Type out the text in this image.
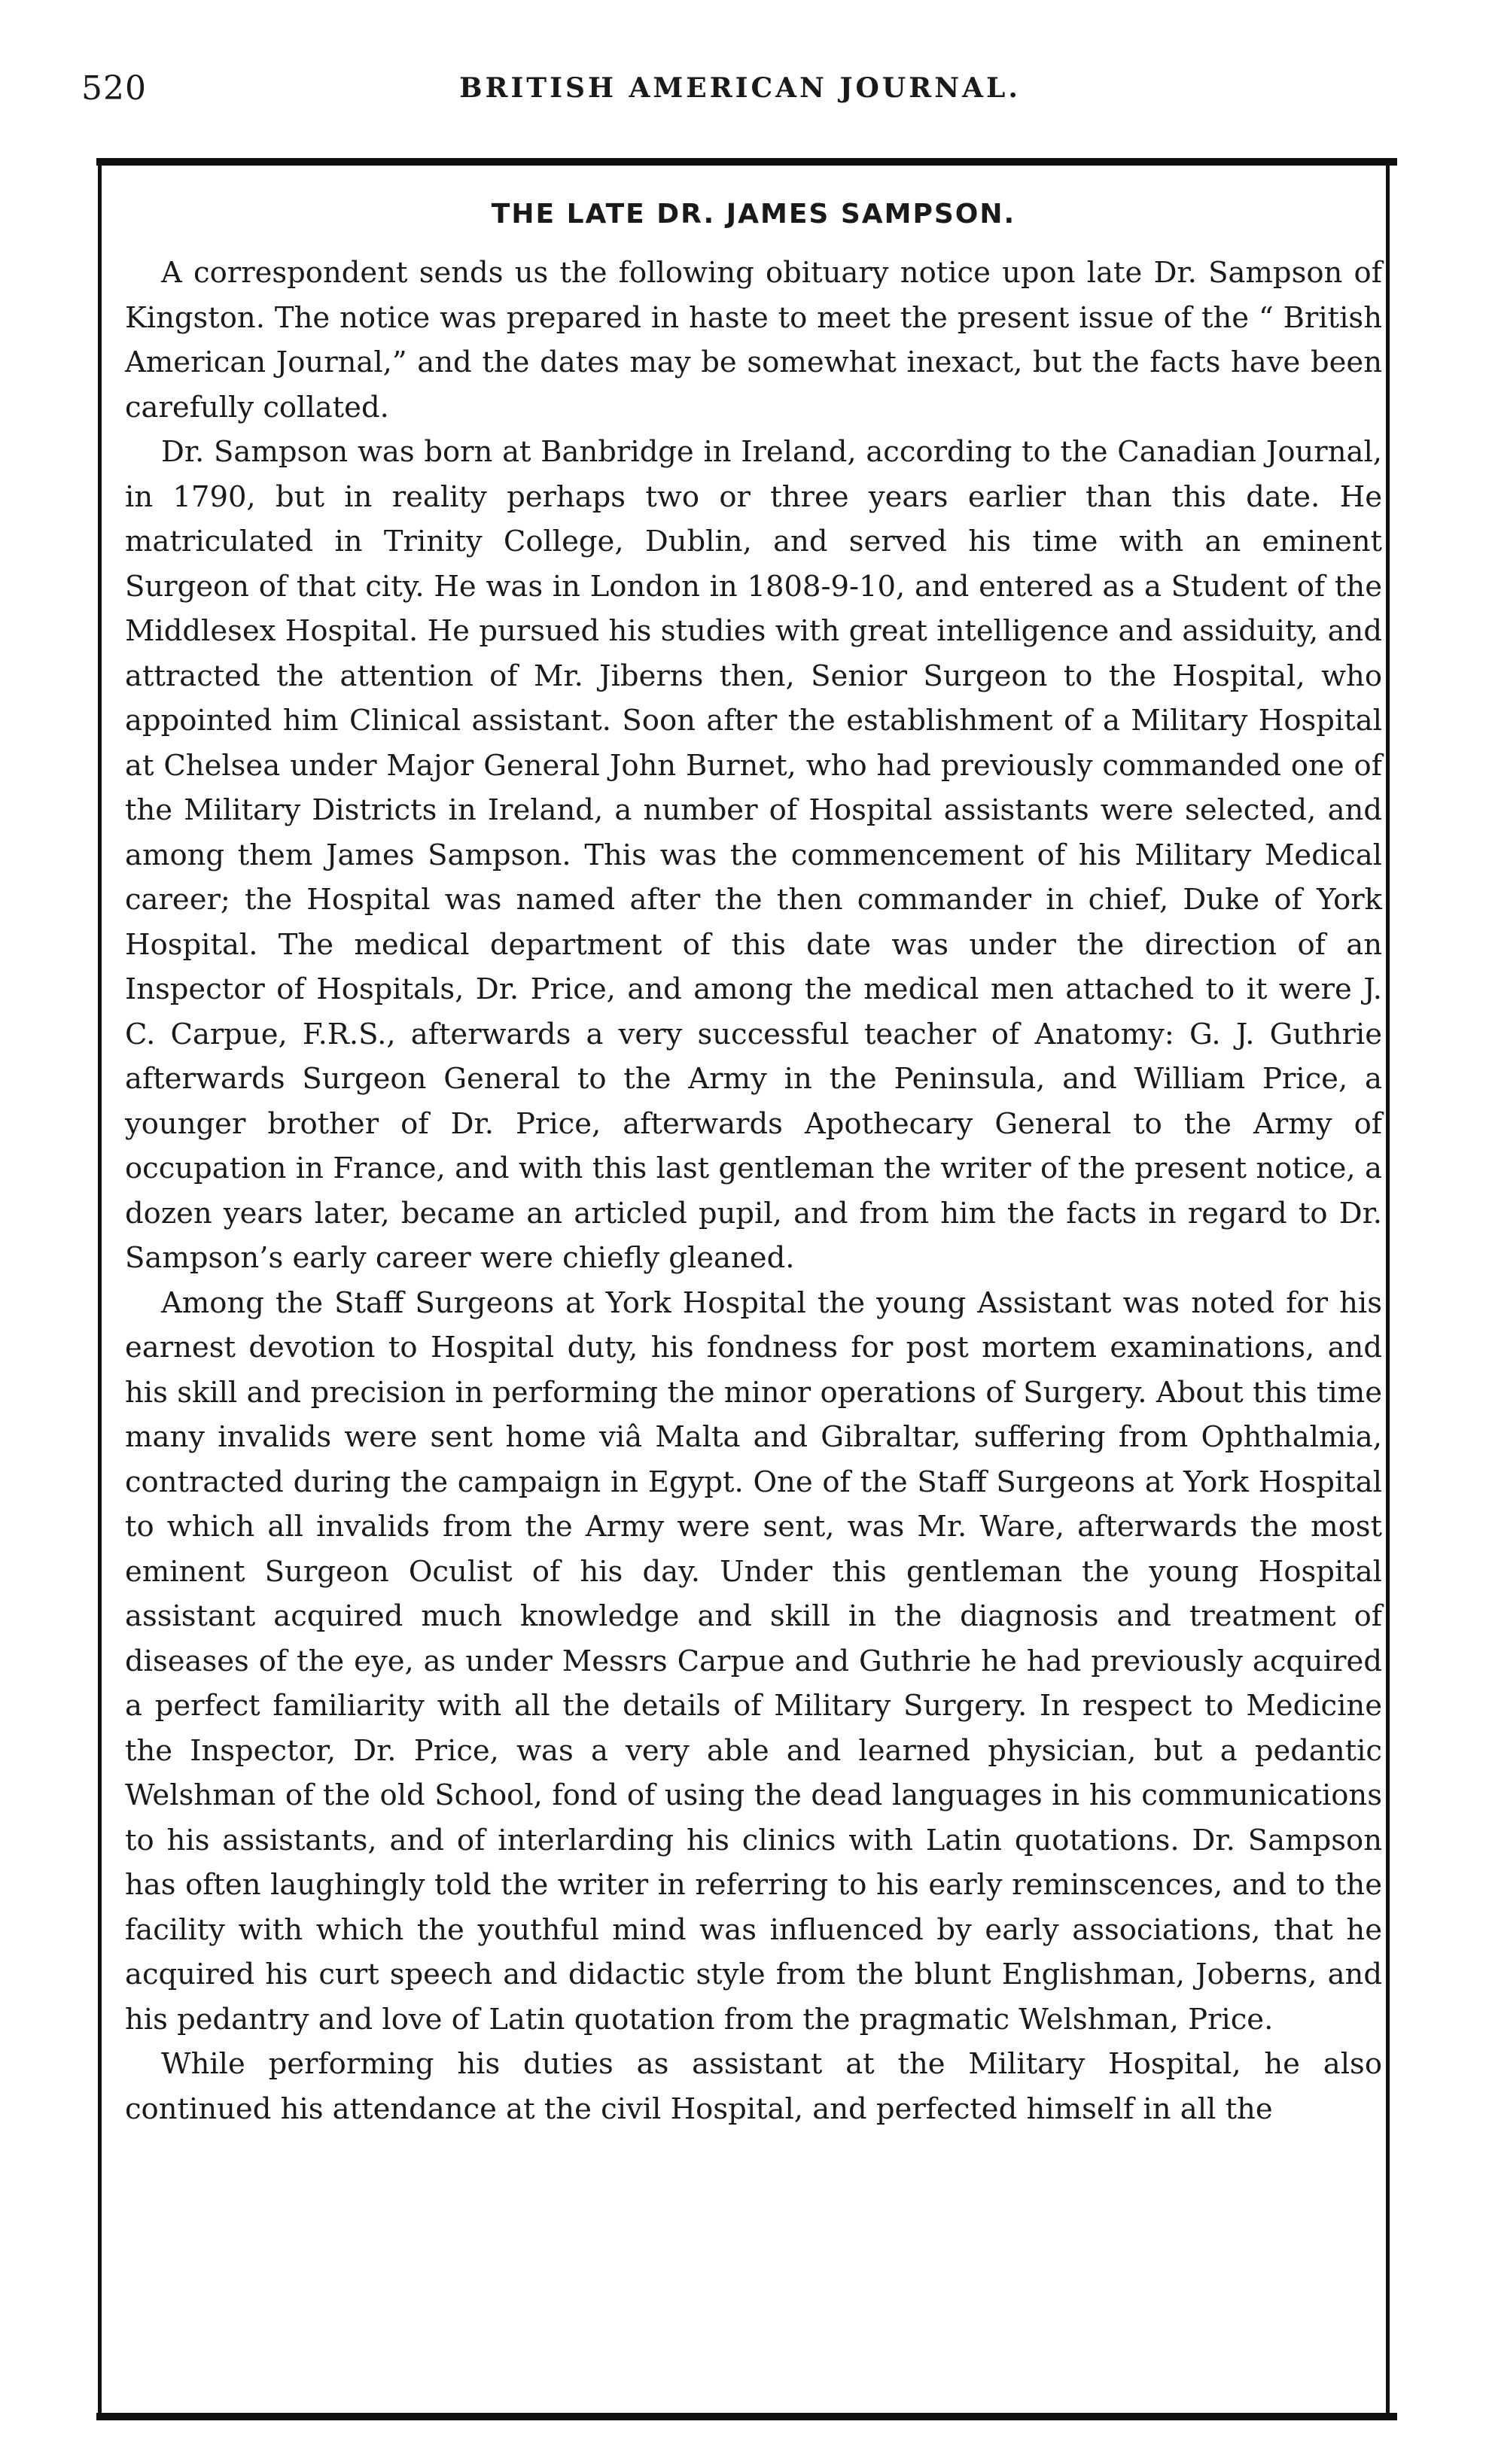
520	BRITISH AMERICAN JOURNAL.
THE LATE DR. JAMES SAMPSON.

A correspondent sends us the following obituary notice upon late Dr. Sampson of Kingston. The notice was prepared in haste to meet the present issue of the “ British American Journal,” and the dates may be somewhat inexact, but the facts have been carefully collated.

Dr. Sampson was born at Banbridge in Ireland, according to the Canadian Journal, in 1790, but in reality perhaps two or three years earlier than this date. He matriculated in Trinity College, Dublin, and served his time with an eminent Surgeon of that city. He was in London in 1808-9-10, and entered as a Student of the Middlesex Hospital. He pursued his studies with great intelligence and assiduity, and attracted the attention of Mr. Jiberns then, Senior Surgeon to the Hospital, who appointed him Clinical assistant. Soon after the establishment of a Military Hospital at Chelsea under Major General John Burnet, who had previously commanded one of the Military Districts in Ireland, a number of Hospital assistants were selected, and among them James Sampson. This was the commencement of his Military Medical career; the Hospital was named after the then commander in chief, Duke of York Hospital. The medical department of this date was under the direction of an Inspector of Hospitals, Dr. Price, and among the medical men attached to it were J. C. Carpue, F.R.S., afterwards a very successful teacher of Anatomy: G. J. Guthrie afterwards Surgeon General to the Army in the Peninsula, and William Price, a younger brother of Dr. Price, afterwards Apothecary General to the Army of occupation in France, and with this last gentleman the writer of the present notice, a dozen years later, became an articled pupil, and from him the facts in regard to Dr. Sampson’s early career were chiefly gleaned.

Among the Staff Surgeons at York Hospital the young Assistant was noted for his earnest devotion to Hospital duty, his fondness for post mortem examinations, and his skill and precision in performing the minor operations of Surgery. About this time many invalids were sent home viâ Malta and Gibraltar, suffering from Ophthalmia, contracted during the campaign in Egypt. One of the Staff Surgeons at York Hospital to which all invalids from the Army were sent, was Mr. Ware, afterwards the most eminent Surgeon Oculist of his day. Under this gentleman the young Hospital assistant acquired much knowledge and skill in the diagnosis and treatment of diseases of the eye, as under Messrs Carpue and Guthrie he had previously acquired a perfect familiarity with all the details of Military Surgery. In respect to Medicine the Inspector, Dr. Price, was a very able and learned physician, but a pedantic Welshman of the old School, fond of using the dead languages in his communications to his assistants, and of interlarding his clinics with Latin quotations. Dr. Sampson has often laughingly told the writer in referring to his early reminscences, and to the facility with which the youthful mind was influenced by early associations, that he acquired his curt speech and didactic style from the blunt Englishman, Joberns, and his pedantry and love of Latin quotation from the pragmatic Welshman, Price.

While performing his duties as assistant at the Military Hospital, he also continued his attendance at the civil Hospital, and perfected himself in all the
